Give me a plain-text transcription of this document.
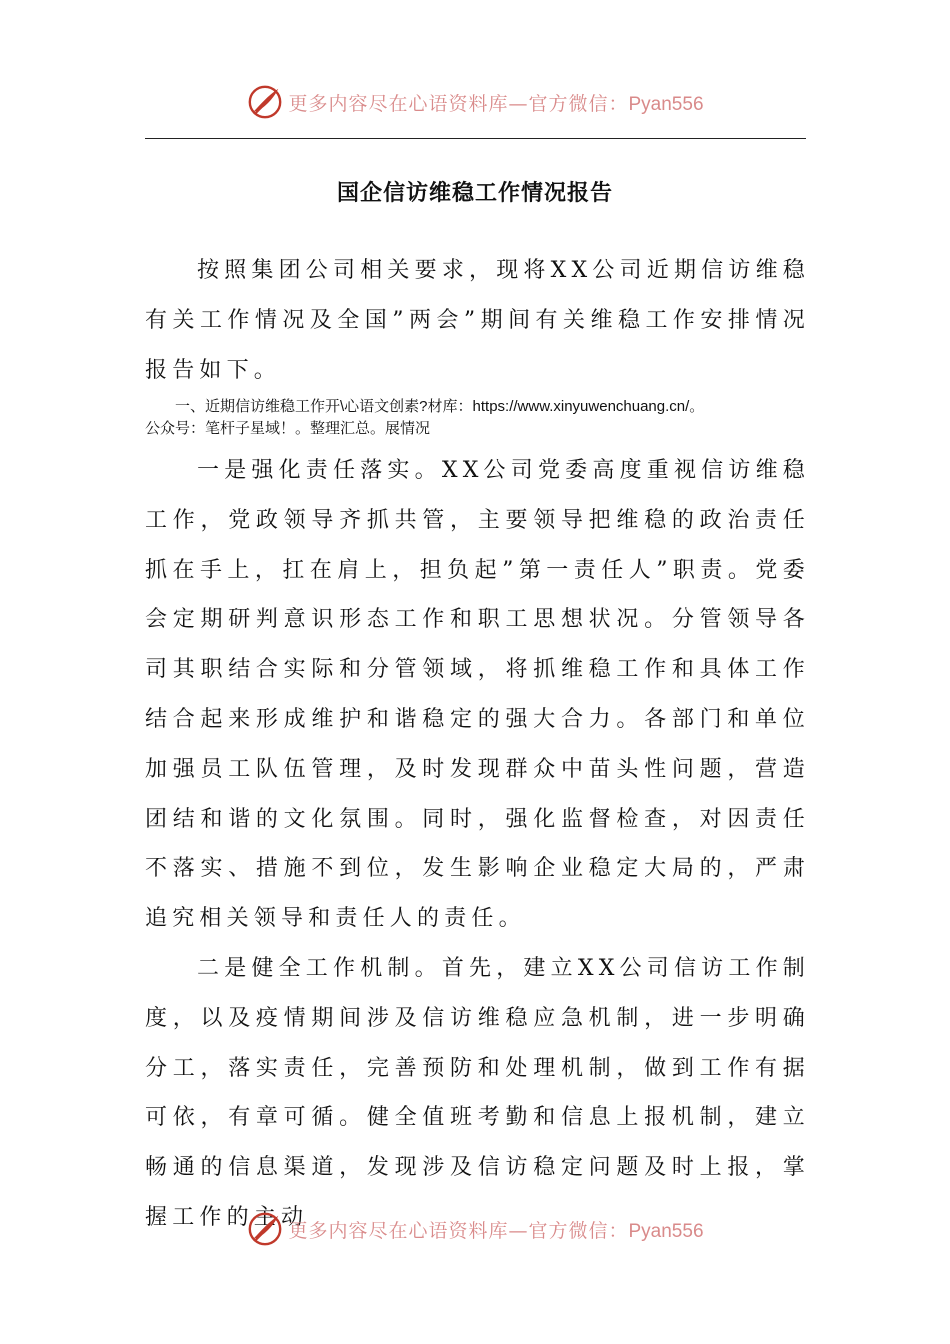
更多内容尽在心语资料库—官方微信：Pyan556
国企信访维稳工作情况报告
按照集团公司相关要求，现将XX公司近期信访维稳有关工作情况及全国”两会”期间有关维稳工作安排情况报告如下。
一、近期信访维稳工作开\心语文创素?材库：https://www.xinyuwenchuang.cn/。
公众号：笔杆子星域！。整理汇总。展情况
一是强化责任落实。XX公司党委高度重视信访维稳工作，党政领导齐抓共管，主要领导把维稳的政治责任抓在手上，扛在肩上，担负起”第一责任人”职责。党委会定期研判意识形态工作和职工思想状况。分管领导各司其职结合实际和分管领域，将抓维稳工作和具体工作结合起来形成维护和谐稳定的强大合力。各部门和单位加强员工队伍管理，及时发现群众中苗头性问题，营造团结和谐的文化氛围。同时，强化监督检查，对因责任不落实、措施不到位，发生影响企业稳定大局的，严肃追究相关领导和责任人的责任。
二是健全工作机制。首先，建立XX公司信访工作制度，以及疫情期间涉及信访维稳应急机制，进一步明确分工，落实责任，完善预防和处理机制，做到工作有据可依，有章可循。健全值班考勤和信息上报机制，建立畅通的信息渠道，发现涉及信访稳定问题及时上报，掌握工作的主动
更多内容尽在心语资料库—官方微信：Pyan556
